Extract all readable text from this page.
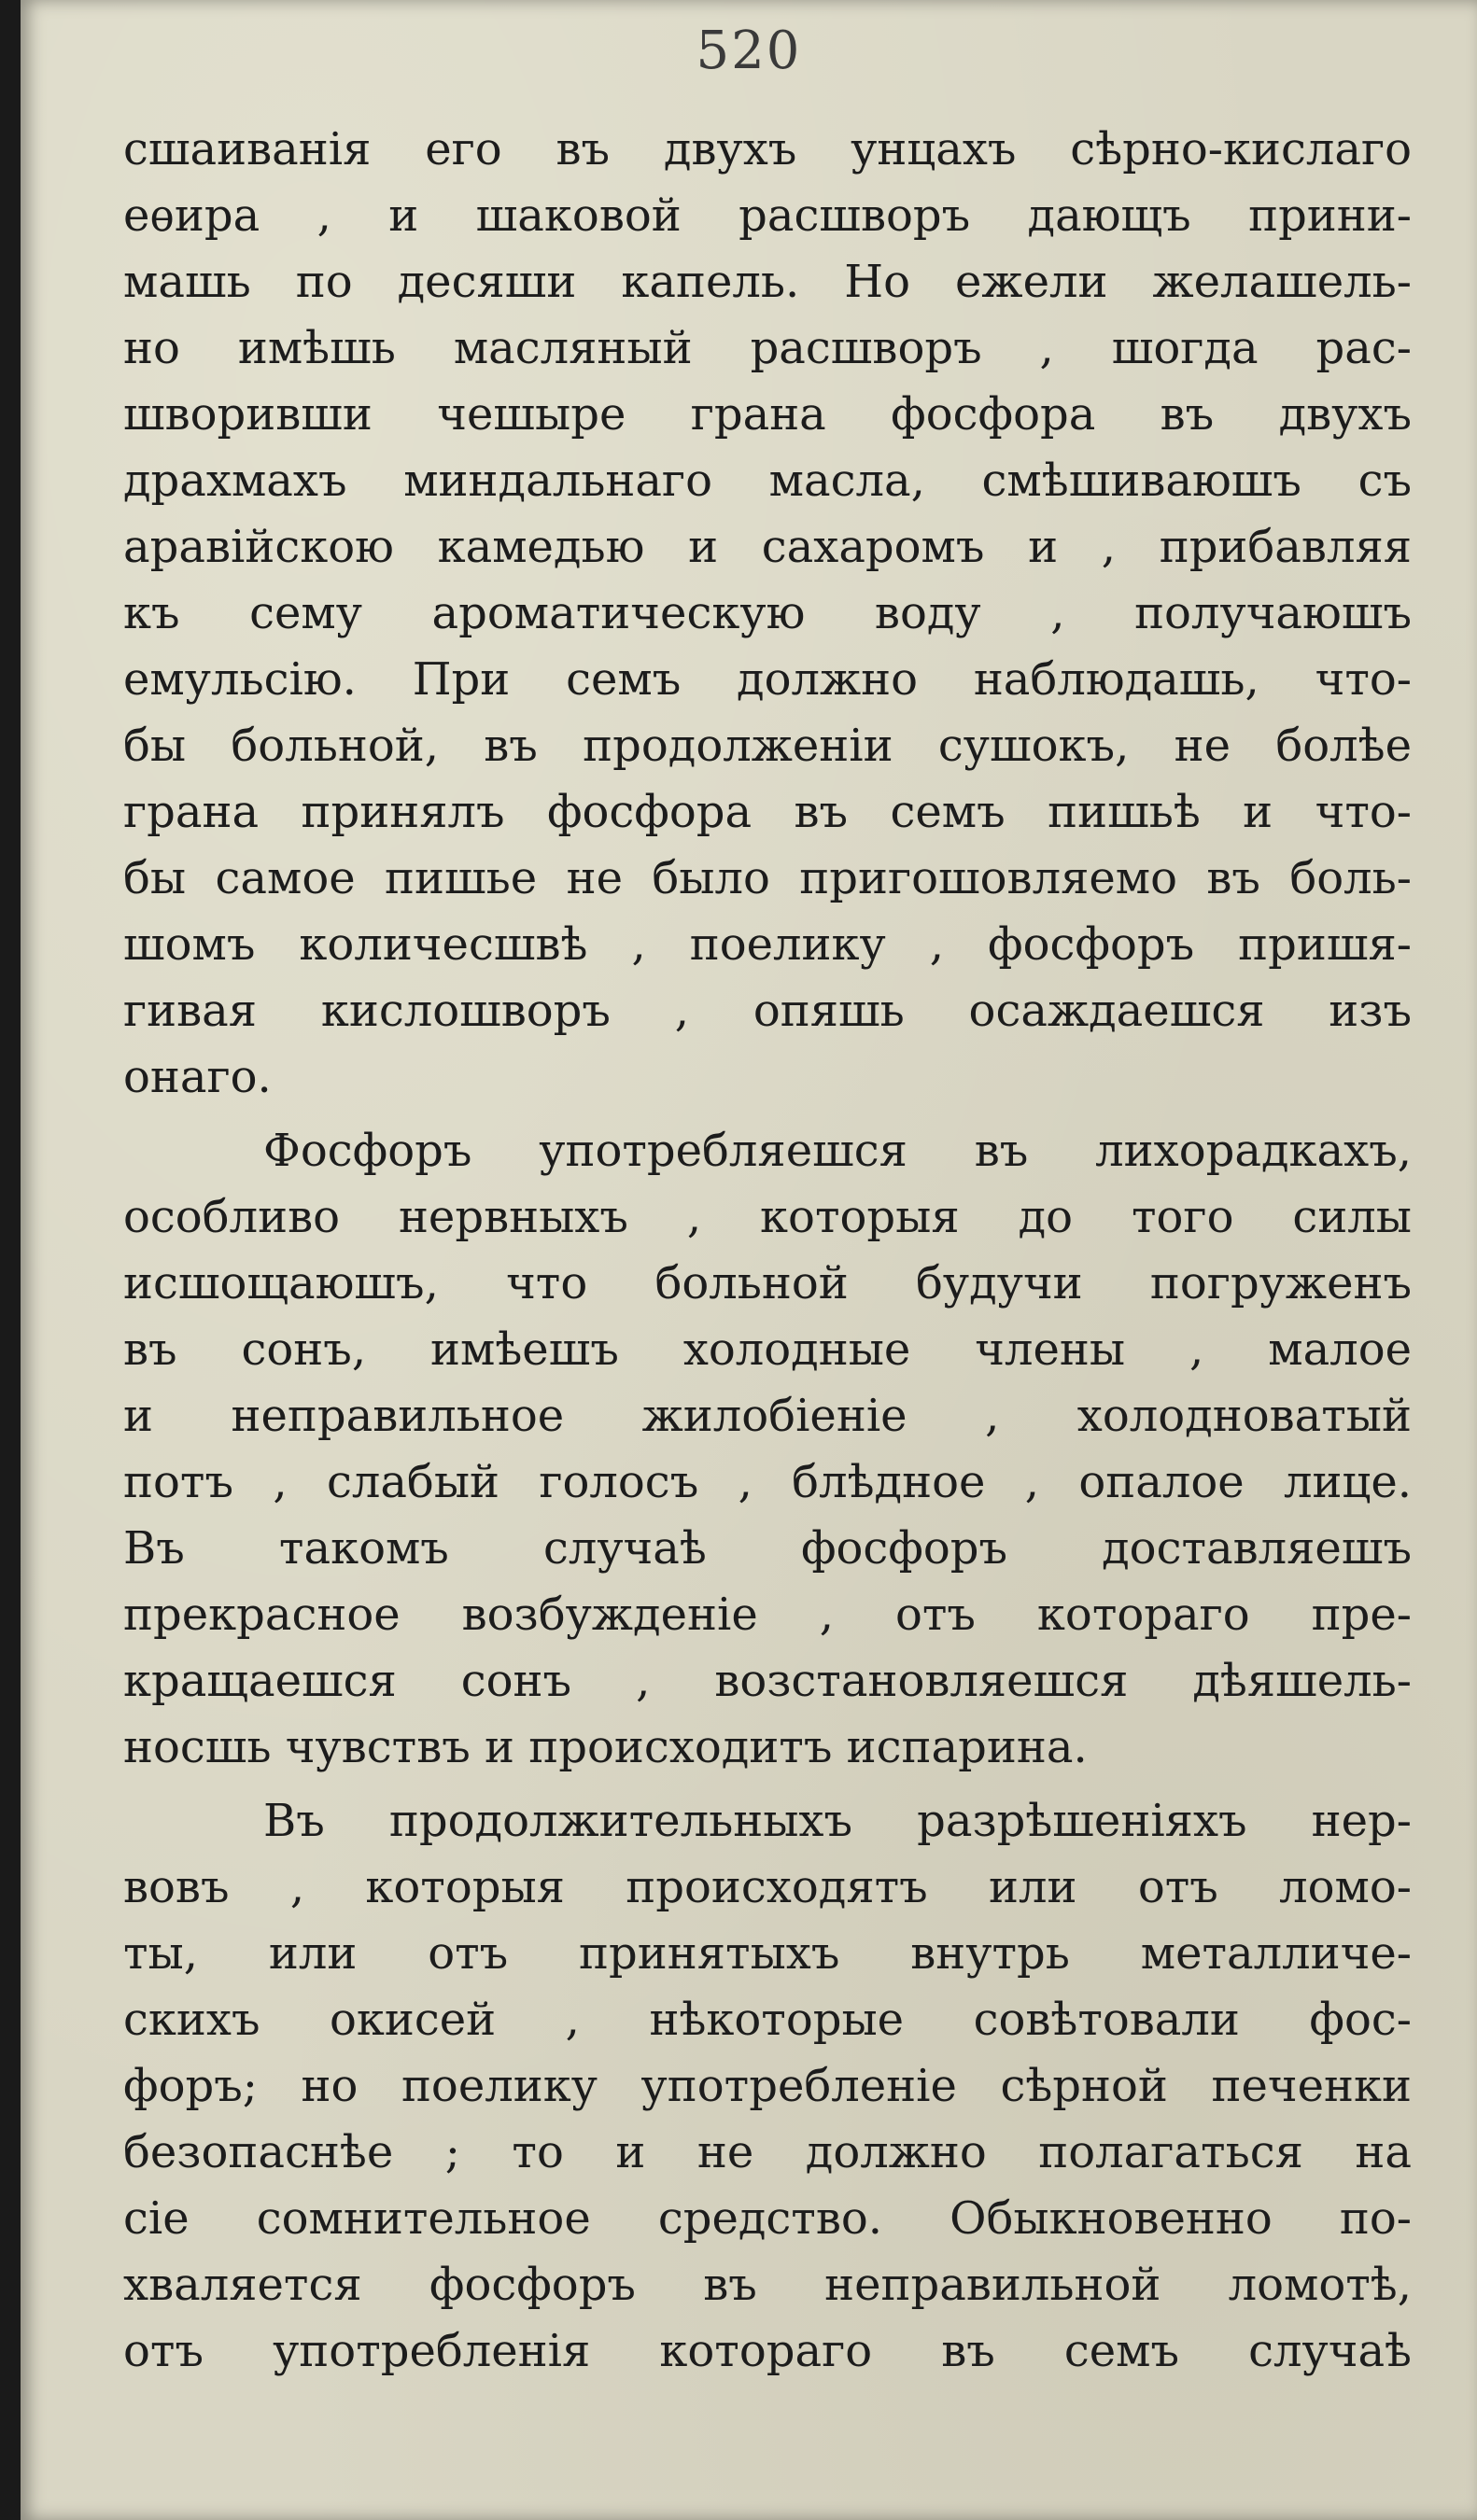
520
сшаиванія его въ двухъ унцахъ сѣрно-кислаго
еѳира , и шаковой расшворъ дающъ прини-
машь по десяши капель. Но ежели желашель-
но имѣшь масляный расшворъ , шогда рас-
шворивши чешыре грана фосфора въ двухъ
драхмахъ миндальнаго масла, смѣшиваюшъ съ
аравійскою камедью и сахаромъ и , прибавляя
къ сему ароматическую воду , получаюшъ
емульсію. При семъ должно наблюдашь, что-
бы больной, въ продолженіи сушокъ, не болѣе
грана принялъ фосфора въ семъ пишьѣ и чтo-
бы самое пишье не было пригошовляемо въ боль-
шомъ количесшвѣ , поелику , фосфоръ пришя-
гивая кислошворъ , опяшь осаждаешся изъ
онаго.
Фосфоръ употребляешся въ лихорадкахъ,
особливо нервныхъ , которыя до того силы
исшощаюшъ, что больной будучи погруженъ
въ сонъ, имѣешъ холодные члены , малое
и неправильное жилобіеніе , холодноватый
потъ , слабый голосъ , блѣдное , опалое лице.
Въ такомъ случаѣ фосфоръ доставляешъ
прекрасное возбужденіе , отъ котораго пре-
кращаешся сонъ , возстановляешся дѣяшель-
носшь чувствъ и происходитъ испарина.
Въ продолжительныхъ разрѣшеніяхъ нер-
вовъ , которыя происходятъ или отъ ломо-
ты, или отъ принятыхъ внутрь металличе-
скихъ окисей , нѣкоторые совѣтовали фос-
форъ; но поелику употребленіе сѣрной печенки
безопаснѣе ; то и не должно полагаться на
сіе сомнительное средство. Обыкновенно по-
хваляется фосфоръ въ неправильной ломотѣ,
отъ употребленія котораго въ семъ случаѣ
